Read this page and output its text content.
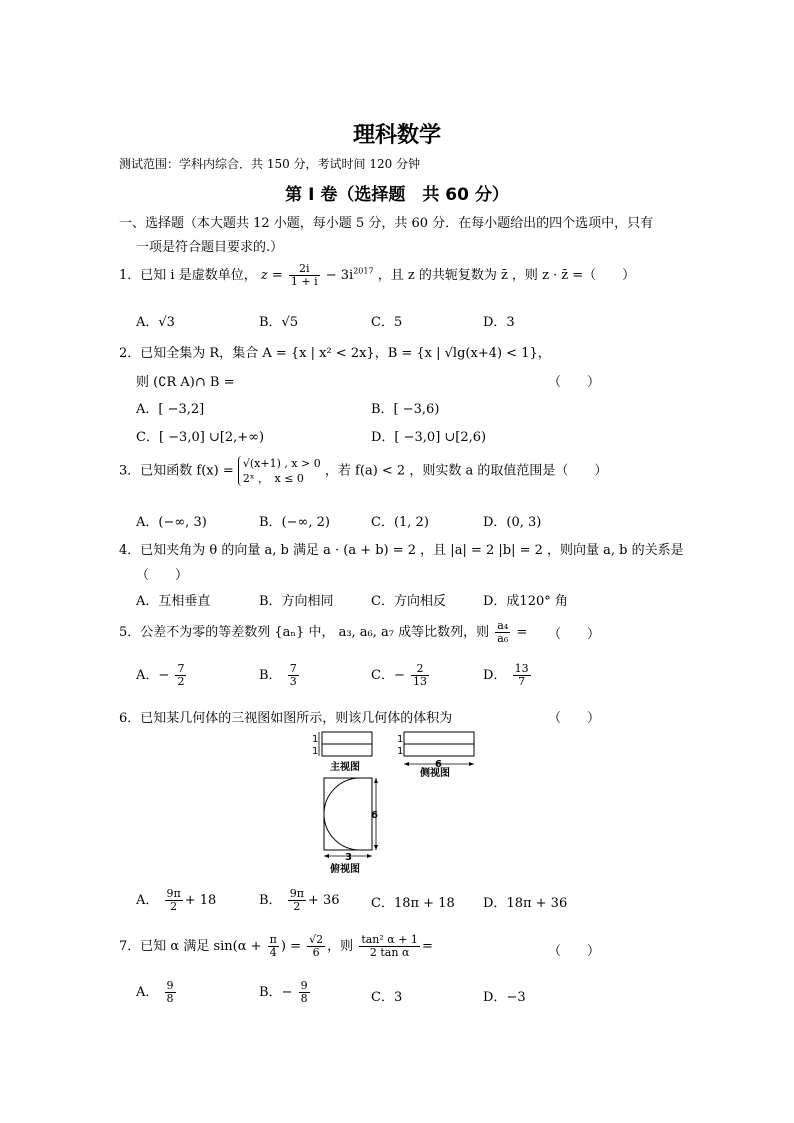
理科数学
测试范围：学科内综合．共 150 分，考试时间 120 分钟
第 I 卷（选择题　共 60 分）
一、选择题（本大题共 12 小题，每小题 5 分，共 60 分．在每小题给出的四个选项中，只有
一项是符合题目要求的.）
1．已知 i 是虚数单位， $z = \frac{2i}{1 + i} - 3i^{2017}$ ，且 z 的共轭复数为 z̄ ，则 z · z̄ =（　　）
A．√3	B．√5	C．5	D．3
2．已知全集为 R，集合 A = {x | x² < 2x}，B = {x | √lg(x+4) < 1}，
则 (∁R A)∩ B =	（　　）
A．[ −3,2]	B．[ −3,6)
C．[ −3,0] ∪[2,+∞)	D．[ −3,0] ∪[2,6)
3．已知函数 f(x) = √(x+1) , x > 0
2ˣ ，　x ≤ 0	，若 f(a) < 2 ，则实数 a 的取值范围是（　　）
A．(−∞, 3)	B．(−∞, 2)	C．(1, 2)	D．(0, 3)
4．已知夹角为 θ 的向量 a, b 满足 a · (a + b) = 2 ，且 |a| = 2 |b| = 2 ，则向量 a, b 的关系是
（　　）
A．互相垂直	B．方向相同	C．方向相反	D．成120° 角
5．公差不为零的等差数列 {aₙ} 中， a₃, a₆, a₇ 成等比数列，则 $\frac{\text{a₄}}{\text{a₆}}$ = （　　）
A．− $\frac{7}{2}$	B． $\frac{7}{3}$	C．− $\frac{2}{13}$	D． $\frac{13}{7}$
6．已知某几何体的三视图如图所示，则该几何体的体积为	（　　）
1
1
主视图
1
1
6
侧视图
6
3
俯视图
A． $\frac{9\pi}{2} + 18$	B． $\frac{9\pi}{2} + 36$ C．18π + 18 D．18π + 36
7．已知 α 满足 $\sin(\alpha + \frac{\pi}{4}$ ) = $\frac{√2}{6}$ ，则 $\frac{\text{tan² α + 1}}{\text{2 tan α}}$ =	（　　）
A． $\frac{9}{8}$	B．− $\frac{9}{8}$	C．3	D．−3
